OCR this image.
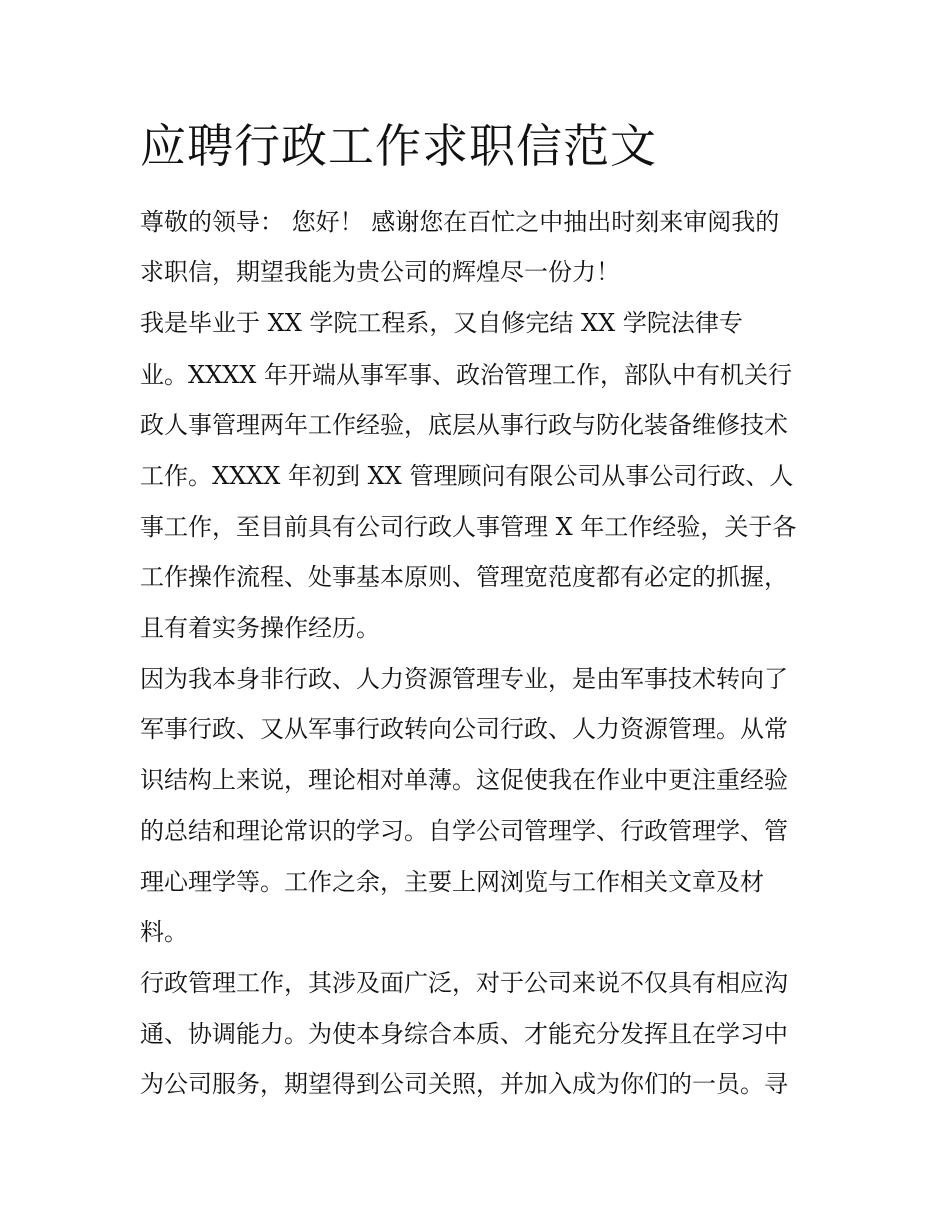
应聘行政工作求职信范文

尊敬的领导： 您好！ 感谢您在百忙之中抽出时刻来审阅我的

求职信，期望我能为贵公司的辉煌尽一份力！

我是毕业于 XX 学院工程系，又自修完结 XX 学院法律专

业。XXXX 年开端从事军事、政治管理工作，部队中有机关行

政人事管理两年工作经验，底层从事行政与防化装备维修技术

工作。XXXX 年初到 XX 管理顾问有限公司从事公司行政、人

事工作，至目前具有公司行政人事管理 X 年工作经验，关于各

工作操作流程、处事基本原则、管理宽范度都有必定的抓握，

且有着实务操作经历。

因为我本身非行政、人力资源管理专业，是由军事技术转向了

军事行政、又从军事行政转向公司行政、人力资源管理。从常

识结构上来说，理论相对单薄。这促使我在作业中更注重经验

的总结和理论常识的学习。自学公司管理学、行政管理学、管

理心理学等。工作之余，主要上网浏览与工作相关文章及材

料。

行政管理工作，其涉及面广泛，对于公司来说不仅具有相应沟

通、协调能力。为使本身综合本质、才能充分发挥且在学习中

为公司服务，期望得到公司关照，并加入成为你们的一员。寻
